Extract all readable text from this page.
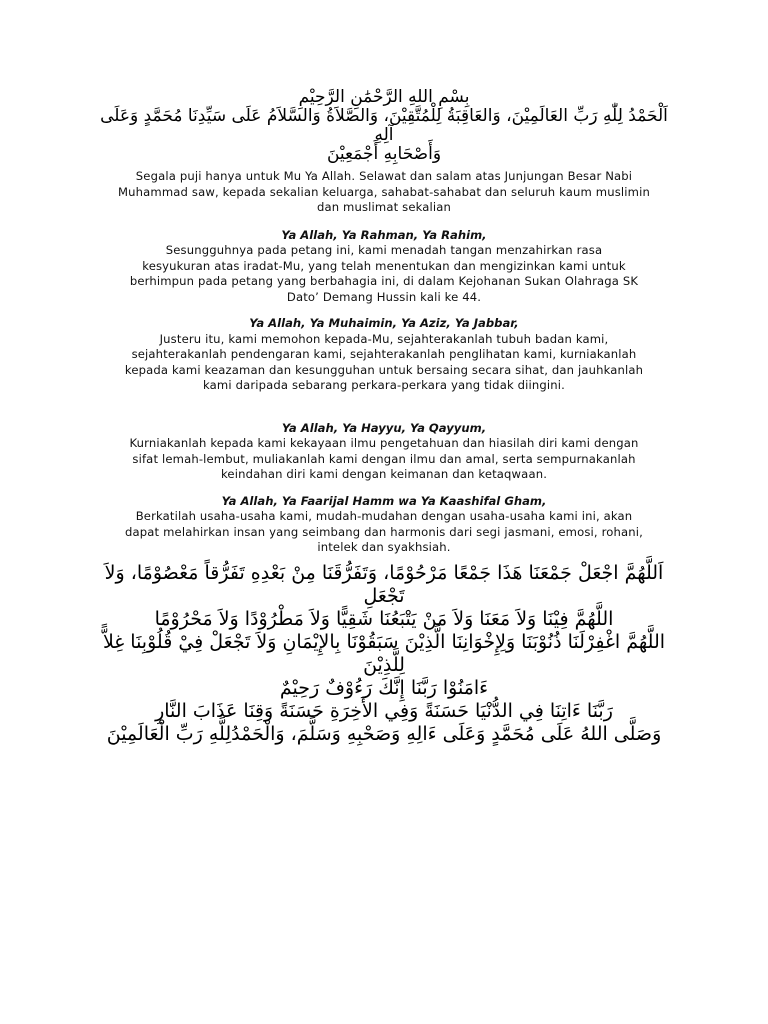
بِسْمِ اللهِ الرَّحْمَٰنِ الرَّحِيْمِ
اَلْحَمْدُ لِلّٰهِ رَبِّ العَالَمِيْنَ، وَالعَاقِبَةُ لِلْمُتَّقِيْنَ، وَالصَّلاَةُ وَالسَّلاَمُ عَلَى سَيِّدِنَا مُحَمَّدٍ وَعَلَى آلِهِ
وَأَصْحَابِهِ أَجْمَعِيْنَ
Segala puji hanya untuk Mu Ya Allah. Selawat dan salam atas Junjungan Besar Nabi
Muhammad saw, kepada sekalian keluarga, sahabat-sahabat dan seluruh kaum muslimin
dan muslimat sekalian
Ya Allah, Ya Rahman, Ya Rahim,
Sesungguhnya pada petang ini, kami menadah tangan menzahirkan rasa
kesyukuran atas iradat-Mu, yang telah menentukan dan mengizinkan kami untuk
berhimpun pada petang yang berbahagia ini, di dalam Kejohanan Sukan Olahraga SK
Dato’ Demang Hussin kali ke 44.
Ya Allah, Ya Muhaimin, Ya Aziz, Ya Jabbar,
Justeru itu, kami memohon kepada-Mu, sejahterakanlah tubuh badan kami,
sejahterakanlah pendengaran kami, sejahterakanlah penglihatan kami, kurniakanlah
kepada kami keazaman dan kesungguhan untuk bersaing secara sihat, dan jauhkanlah
kami daripada sebarang perkara-perkara yang tidak diingini.
Ya Allah, Ya Hayyu, Ya Qayyum,
Kurniakanlah kepada kami kekayaan ilmu pengetahuan dan hiasilah diri kami dengan
sifat lemah-lembut, muliakanlah kami dengan ilmu dan amal, serta sempurnakanlah
keindahan diri kami dengan keimanan dan ketaqwaan.
Ya Allah, Ya Faarijal Hamm wa Ya Kaashifal Gham,
Berkatilah usaha-usaha kami, mudah-mudahan dengan usaha-usaha kami ini, akan
dapat melahirkan insan yang seimbang dan harmonis dari segi jasmani, emosi, rohani,
intelek dan syakhsiah.
اَللَّهُمَّ اجْعَلْ جَمْعَنَا هَذَا جَمْعًا مَرْحُوْمًا، وَتَفَرُّقَنَا مِنْ بَعْدِهِ تَفَرُّقاً مَعْصُوْمًا، وَلاَ تَجْعَلِ
اللَّهُمَّ فِيْنَا وَلاَ مَعَنَا وَلاَ مَنْ يَتْبَعُنَا شَقِيًّا وَلاَ مَطْرُوْدًا وَلاَ مَحْرُوْمًا
اللَّهُمَّ اغْفِرْلَنَا ذُنُوْبَنَا وَلِإِخْوَانِنَا الَّذِيْنَ سَبَقُوْنَا بِالإِيْمَانِ وَلاَ تَجْعَلْ فِيْ قُلُوْبِنَا غِلاًّ لِلَّذِيْنَ
ءَامَنُوْا رَبَّنَا إِنَّكَ رَءُوْفٌ رَحِيْمٌ
رَبَّنَا ءَاتِنَا فِي الدُّنْيَا حَسَنَةً وَفِي الأَخِرَةِ حَسَنَةً وَقِنَا عَذَابَ النَّارِ
وَصَلَّى اللهُ عَلَى مُحَمَّدٍ وَعَلَى ءَالِهِ وَصَحْبِهِ وَسَلَّمَ، وَالْحَمْدُلِلَّهِ رَبِّ الْعَالَمِيْنَ
